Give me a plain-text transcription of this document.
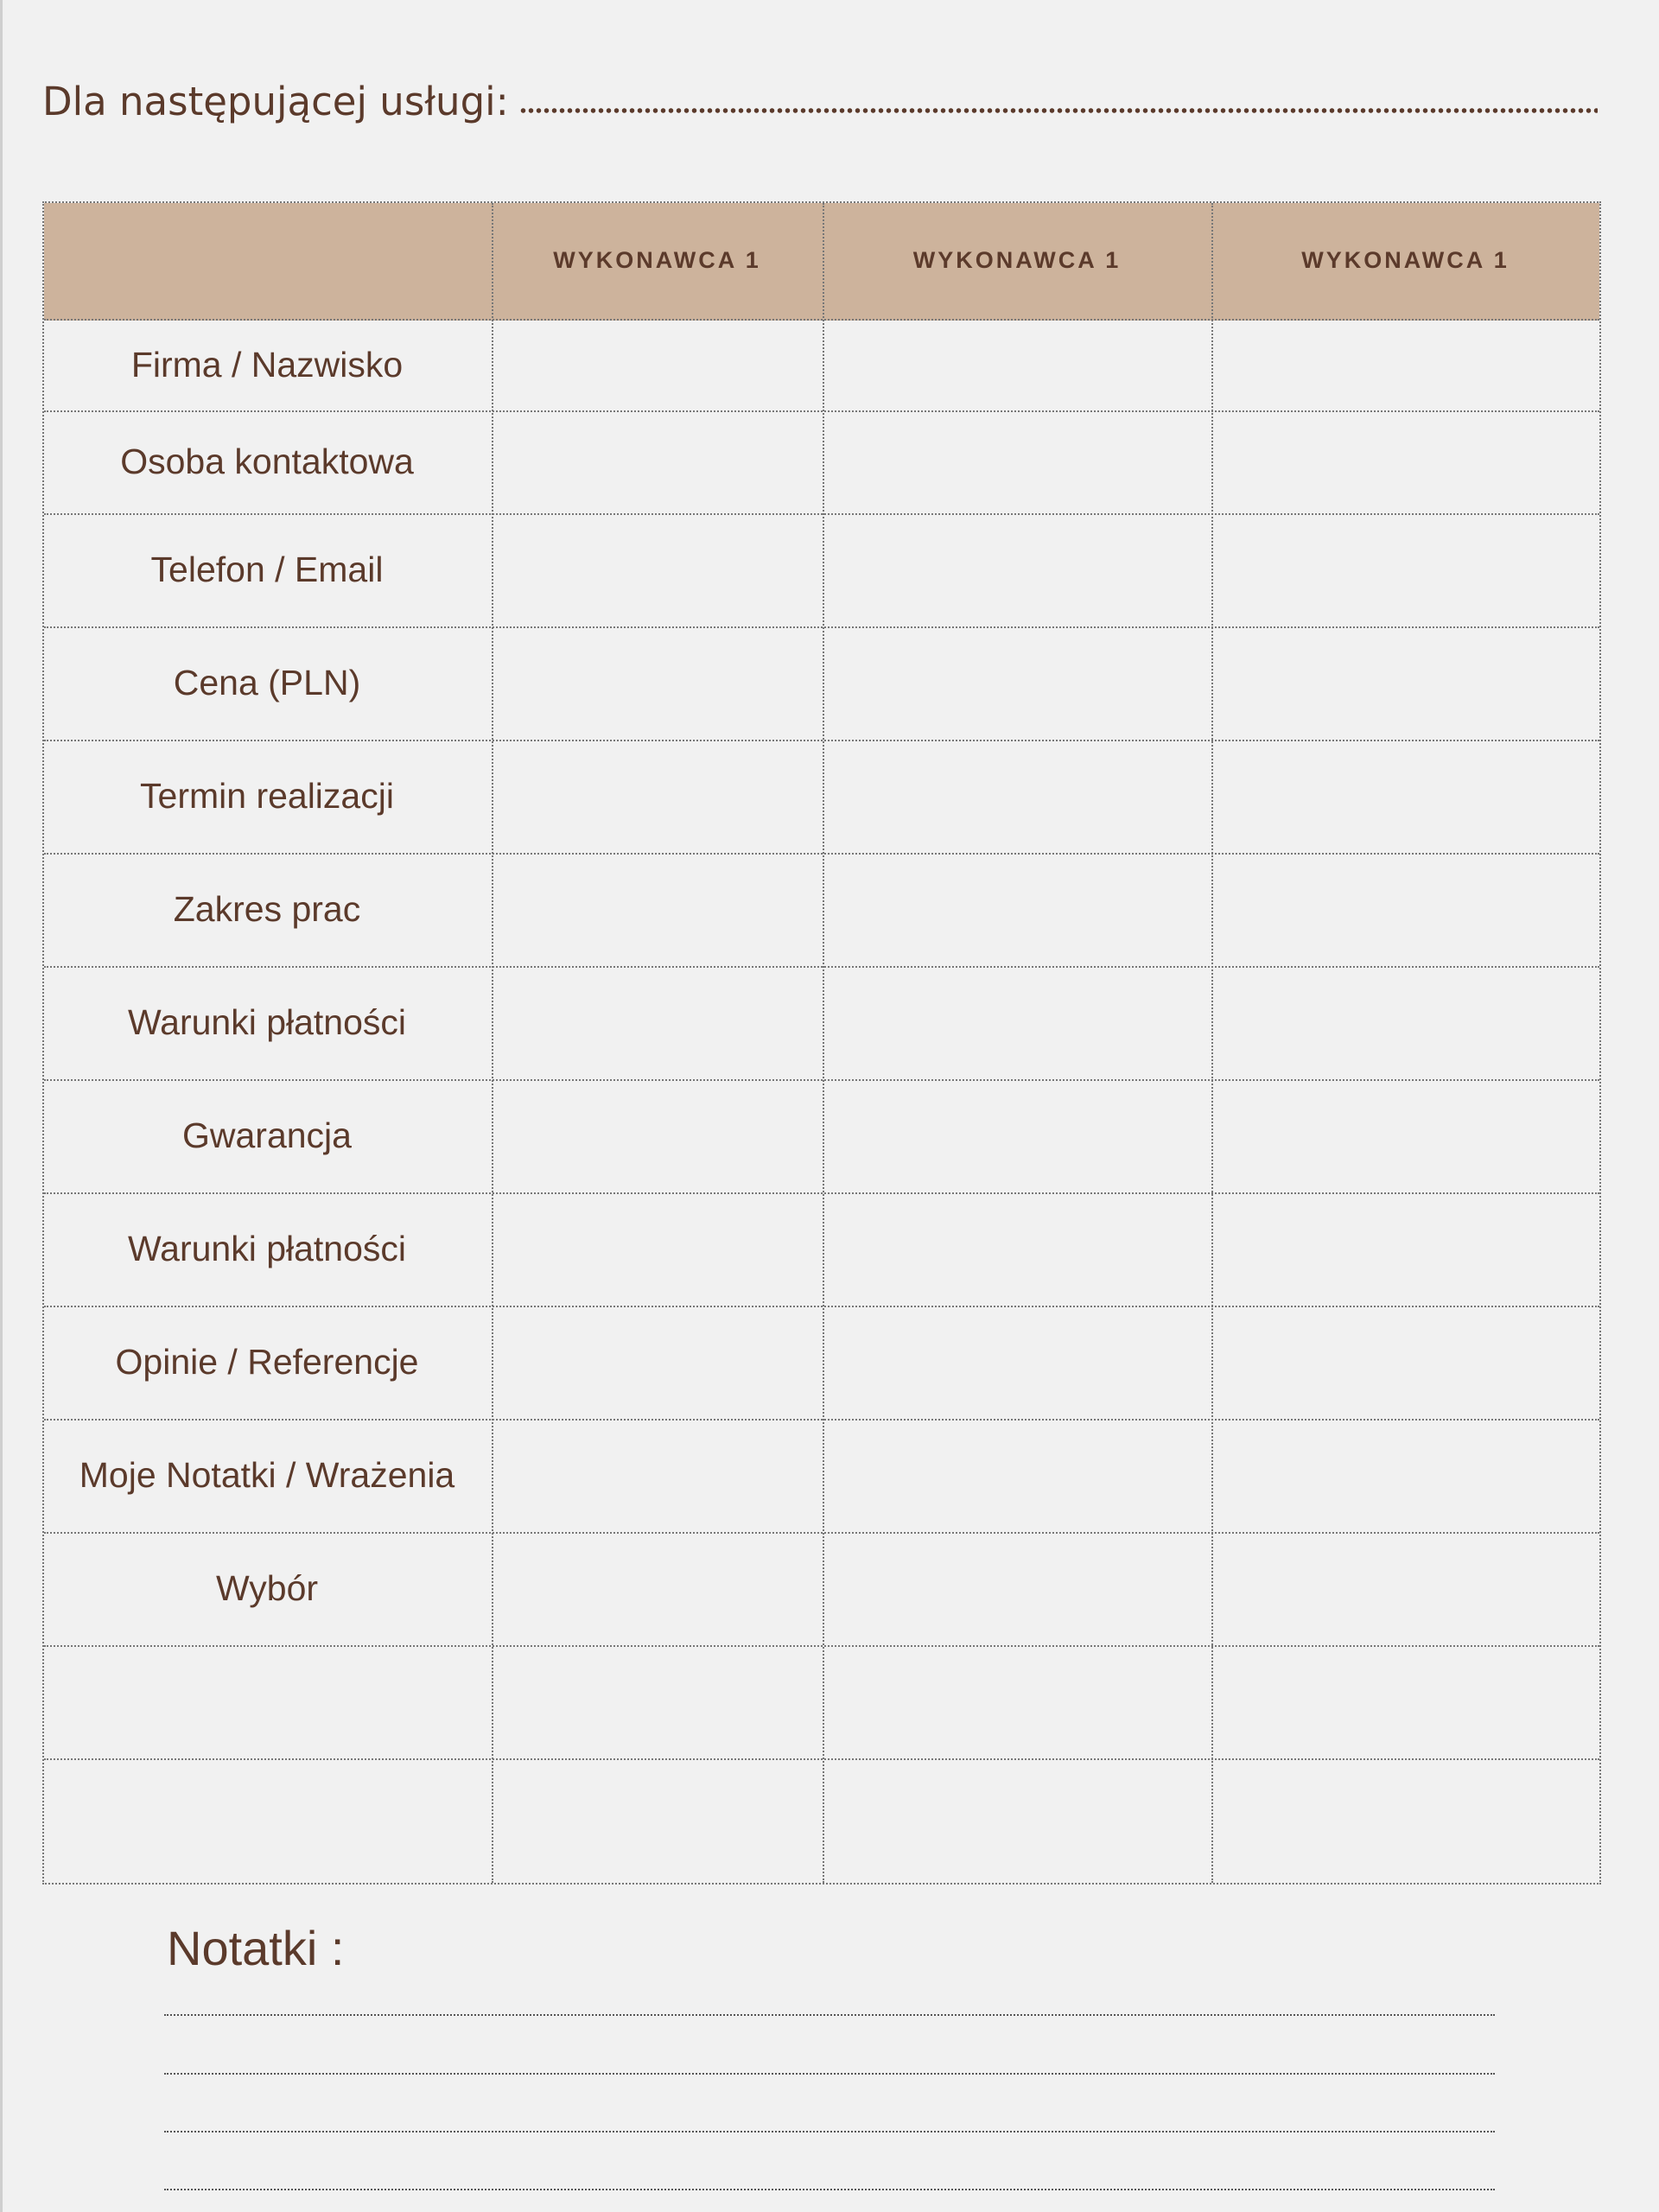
Dla następującej usługi:
WYKONAWCA 1	WYKONAWCA 1	WYKONAWCA 1
Firma / Nazwisko
Osoba kontaktowa
Telefon / Email
Cena (PLN)
Termin realizacji
Zakres prac
Warunki płatności
Gwarancja
Warunki płatności
Opinie / Referencje
Moje Notatki / Wrażenia
Wybór
Notatki :
